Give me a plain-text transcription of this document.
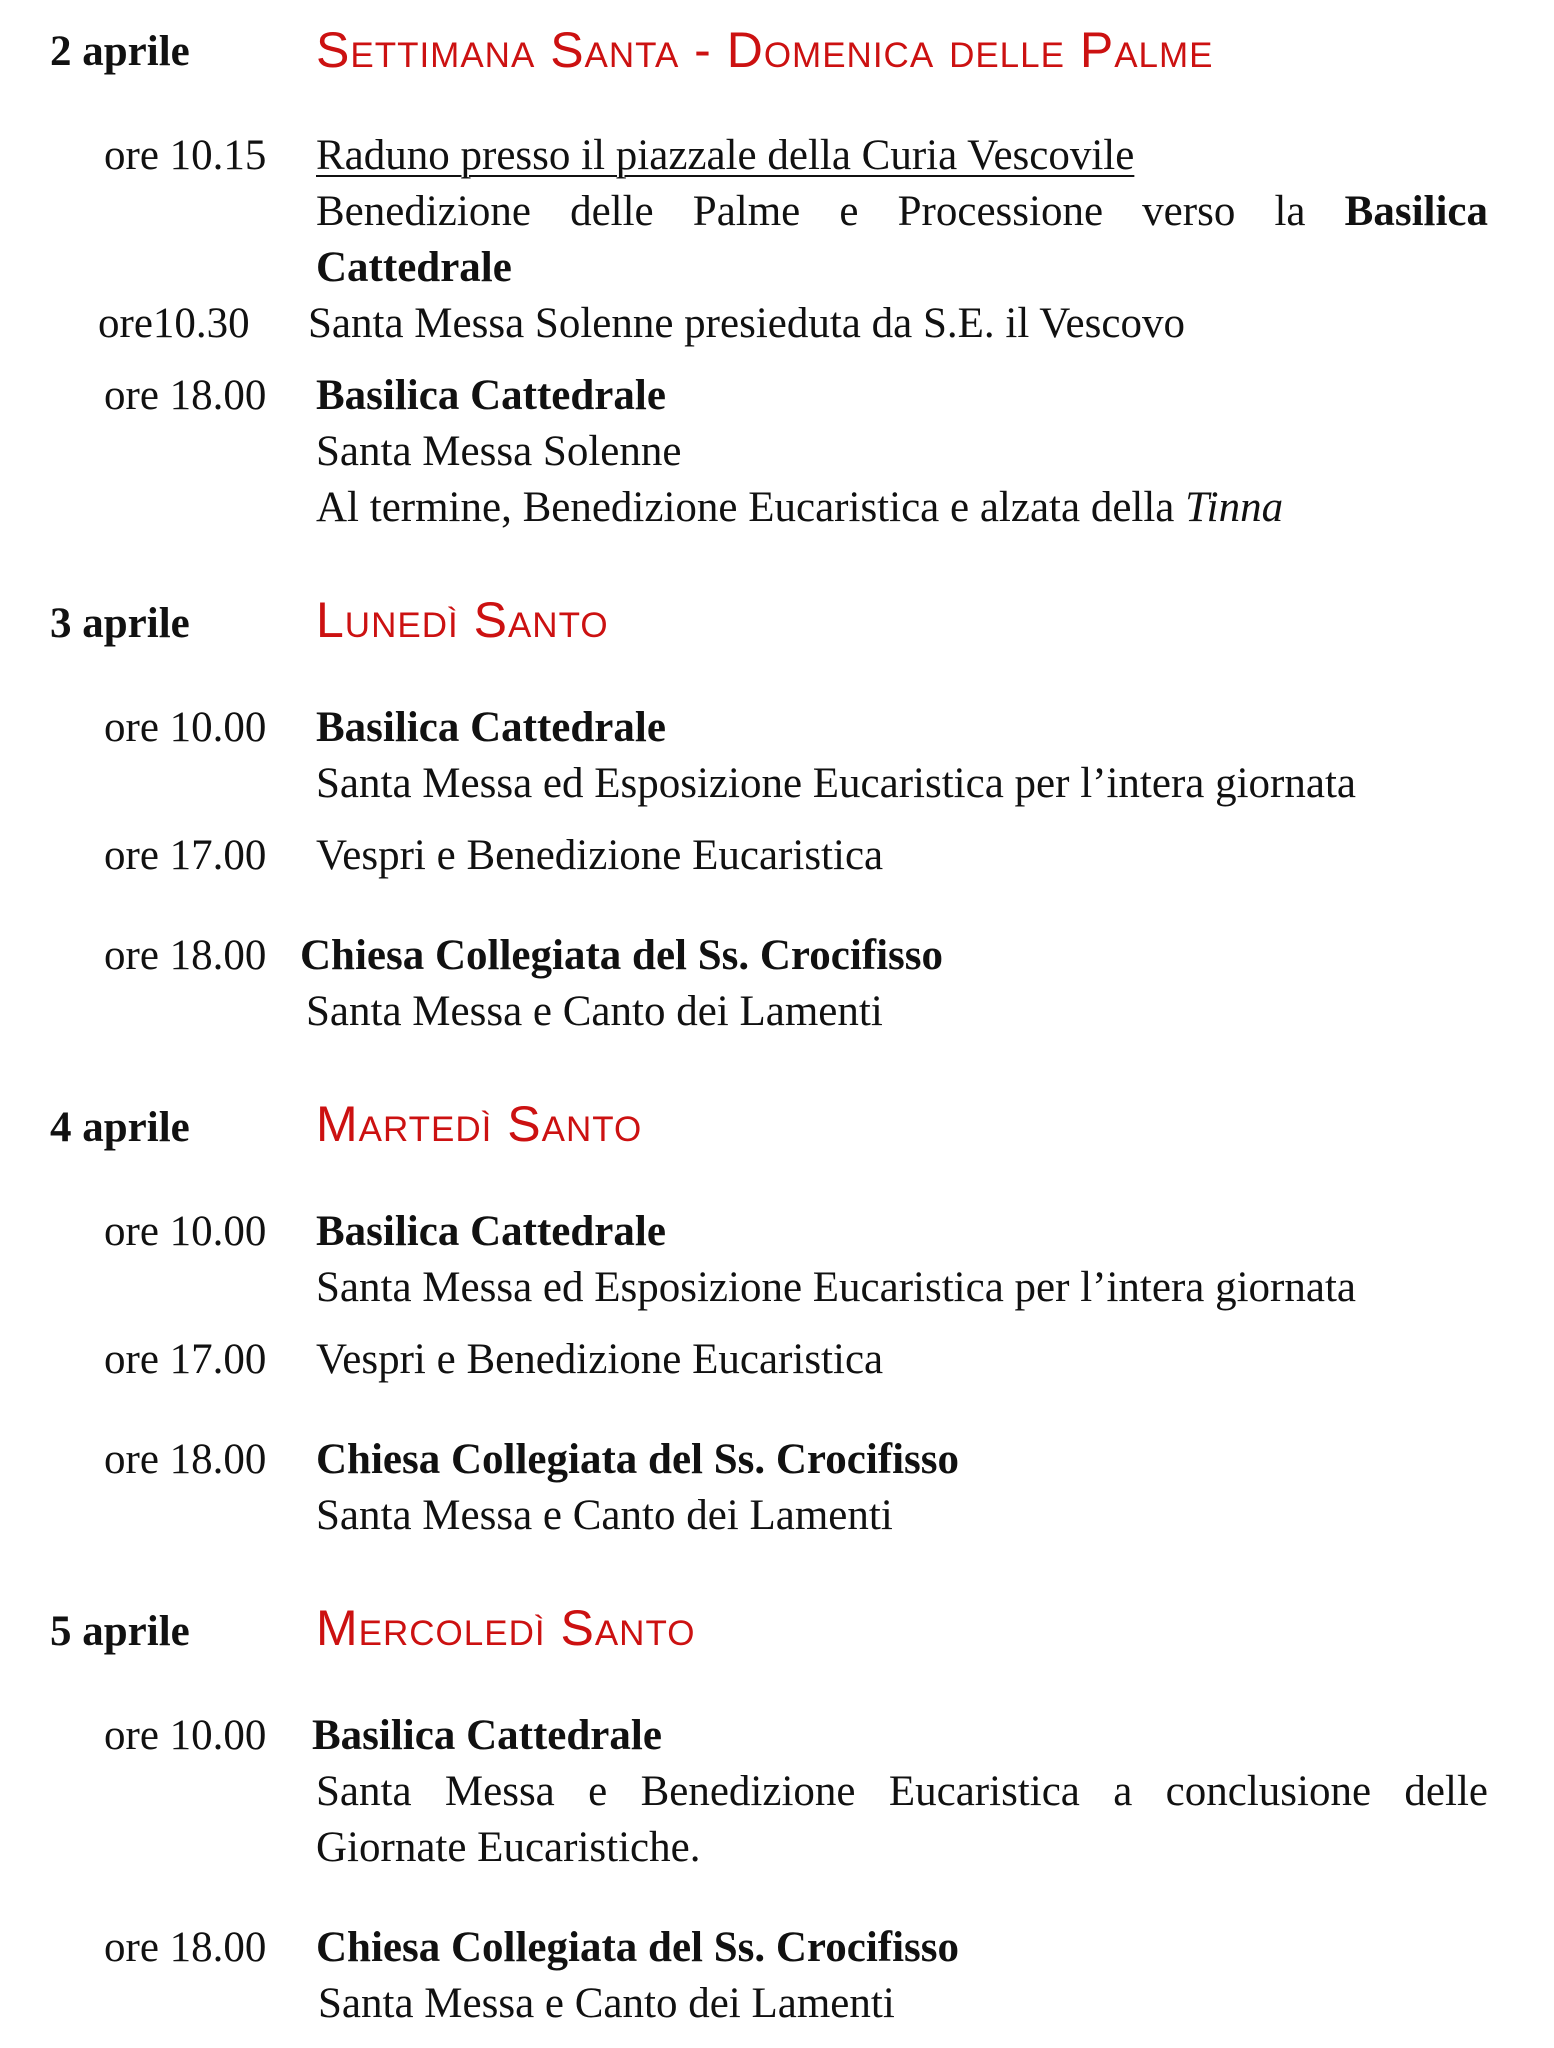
2 aprile	Settimana Santa - Domenica delle Palme
ore 10.15 Raduno presso il piazzale della Curia Vescovile
Benedizione delle Palme e Processione verso la Basilica
Cattedrale
ore10.30 Santa Messa Solenne presieduta da S.E. il Vescovo
ore 18.00 Basilica Cattedrale
Santa Messa Solenne
Al termine, Benedizione Eucaristica e alzata della Tinna
3 aprile	Lunedì Santo
ore 10.00 Basilica Cattedrale
Santa Messa ed Esposizione Eucaristica per l’intera giornata
ore 17.00 Vespri e Benedizione Eucaristica
ore 18.00 Chiesa Collegiata del Ss. Crocifisso
Santa Messa e Canto dei Lamenti
4 aprile	Martedì Santo
ore 10.00 Basilica Cattedrale
Santa Messa ed Esposizione Eucaristica per l’intera giornata
ore 17.00 Vespri e Benedizione Eucaristica
ore 18.00 Chiesa Collegiata del Ss. Crocifisso
Santa Messa e Canto dei Lamenti
5 aprile	Mercoledì Santo
ore 10.00 Basilica Cattedrale
Santa Messa e Benedizione Eucaristica a conclusione delle
Giornate Eucaristiche.
ore 18.00 Chiesa Collegiata del Ss. Crocifisso
Santa Messa e Canto dei Lamenti
